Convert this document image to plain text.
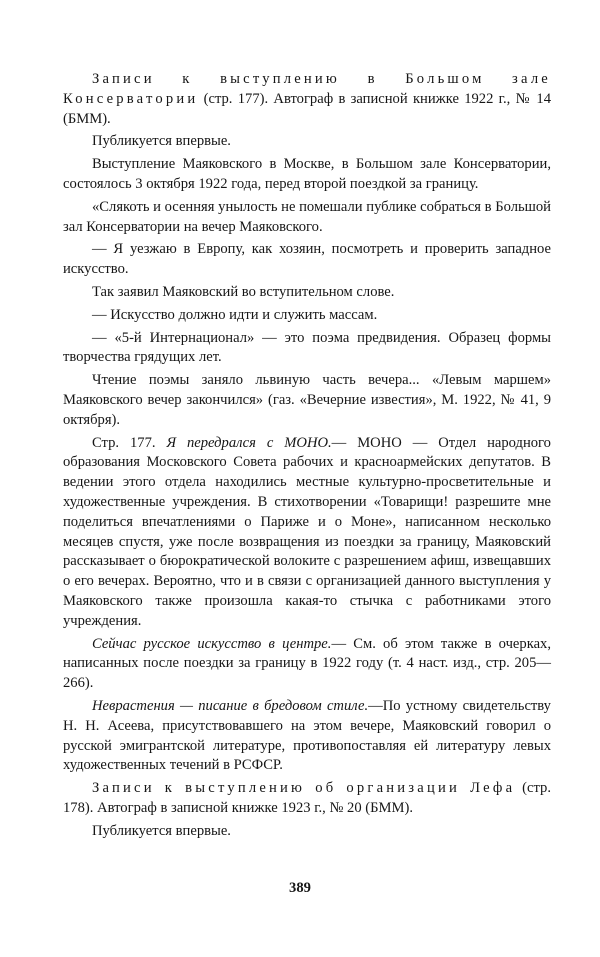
Записи к выступлению в Большом зале Консерватории (стр. 177). Автограф в записной книжке 1922 г., № 14 (БММ).

Публикуется впервые.

Выступление Маяковского в Москве, в Большом зале Консерватории, состоялось 3 октября 1922 года, перед второй поездкой за границу.

«Слякоть и осенняя унылость не помешали публике собраться в Большой зал Консерватории на вечер Маяковского.

— Я уезжаю в Европу, как хозяин, посмотреть и проверить западное искусство.

Так заявил Маяковский во вступительном слове.

— Искусство должно идти и служить массам.

— «5-й Интернационал» — это поэма предвидения. Образец формы творчества грядущих лет.

Чтение поэмы заняло львиную часть вечера... «Левым маршем» Маяковского вечер закончился» (газ. «Вечерние известия», М. 1922, № 41, 9 октября).

Стр. 177. Я передрался с МОНО.— МОНО — Отдел народного образования Московского Совета рабочих и красноармейских депутатов. В ведении этого отдела находились местные культурно-просветительные и художественные учреждения. В стихотворении «Товарищи! разрешите мне поделиться впечатлениями о Париже и о Моне», написанном несколько месяцев спустя, уже после возвращения из поездки за границу, Маяковский рассказывает о бюрократической волоките с разрешением афиш, извещавших о его вечерах. Вероятно, что и в связи с организацией данного выступления у Маяковского также произошла какая-то стычка с работниками этого учреждения.

Сейчас русское искусство в центре.— См. об этом также в очерках, написанных после поездки за границу в 1922 году (т. 4 наст. изд., стр. 205—266).

Неврастения — писание в бредовом стиле.—По устному свидетельству Н. Н. Асеева, присутствовавшего на этом вечере, Маяковский говорил о русской эмигрантской литературе, противопоставляя ей литературу левых художественных течений в РСФСР.

Записи к выступлению об организации Лефа (стр. 178). Автограф в записной книжке 1923 г., № 20 (БММ).

Публикуется впервые.

389
